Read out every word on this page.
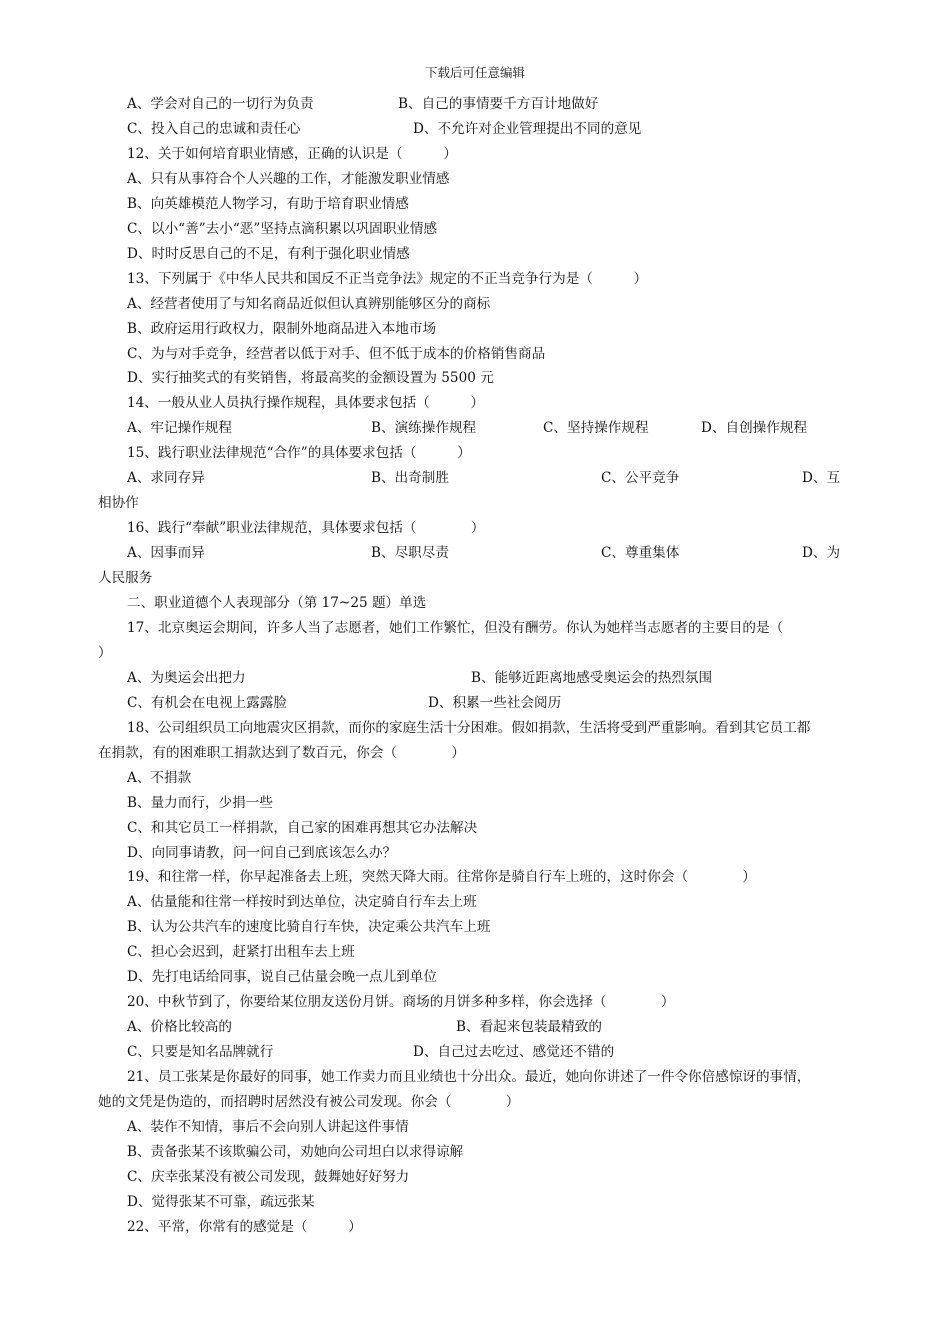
下载后可任意编辑
A、学会对自己的一切行为负责	B、自己的事情要千方百计地做好
C、投入自己的忠诚和责任心	D、不允许对企业管理提出不同的意见
12、关于如何培育职业情感，正确的认识是（　　　）
A、只有从事符合个人兴趣的工作，才能激发职业情感
B、向英雄模范人物学习，有助于培育职业情感
C、以小“善”去小“恶”坚持点滴积累以巩固职业情感
D、时时反思自己的不足，有利于强化职业情感
13、下列属于《中华人民共和国反不正当竞争法》规定的不正当竞争行为是（　　　）
A、经营者使用了与知名商品近似但认真辨别能够区分的商标
B、政府运用行政权力，限制外地商品进入本地市场
C、为与对手竞争，经营者以低于对手、但不低于成本的价格销售商品
D、实行抽奖式的有奖销售，将最高奖的金额设置为 5500 元
14、一般从业人员执行操作规程，具体要求包括（　　　）
A、牢记操作规程	B、演练操作规程	C、坚持操作规程	D、自创操作规程
15、践行职业法律规范“合作”的具体要求包括（　　　）
A、求同存异	B、出奇制胜	C、公平竞争	D、互
相协作
16、践行“奉献”职业法律规范，具体要求包括（　　　　）
A、因事而异	B、尽职尽责	C、尊重集体	D、为
人民服务
二、职业道德个人表现部分（第 17~25 题）单选
17、北京奥运会期间，许多人当了志愿者，她们工作繁忙，但没有酬劳。你认为她样当志愿者的主要目的是（
）
A、为奥运会出把力	B、能够近距离地感受奥运会的热烈氛围
C、有机会在电视上露露脸	D、积累一些社会阅历
18、公司组织员工向地震灾区捐款，而你的家庭生活十分困难。假如捐款，生活将受到严重影响。看到其它员工都
在捐款，有的困难职工捐款达到了数百元，你会（　　　　）
A、不捐款
B、量力而行，少捐一些
C、和其它员工一样捐款，自己家的困难再想其它办法解决
D、向同事请教，问一问自己到底该怎么办？
19、和往常一样，你早起准备去上班，突然天降大雨。往常你是骑自行车上班的，这时你会（　　　　）
A、估量能和往常一样按时到达单位，决定骑自行车去上班
B、认为公共汽车的速度比骑自行车快，决定乘公共汽车上班
C、担心会迟到，赶紧打出租车去上班
D、先打电话给同事，说自己估量会晚一点儿到单位
20、中秋节到了，你要给某位朋友送份月饼。商场的月饼多种多样，你会选择（　　　　）
A、价格比较高的	B、看起来包装最精致的
C、只要是知名品牌就行	D、自己过去吃过、感觉还不错的
21、员工张某是你最好的同事，她工作卖力而且业绩也十分出众。最近，她向你讲述了一件令你倍感惊讶的事情，
她的文凭是伪造的，而招聘时居然没有被公司发现。你会（　　　　）
A、装作不知情，事后不会向别人讲起这件事情
B、责备张某不该欺骗公司，劝她向公司坦白以求得谅解
C、庆幸张某没有被公司发现，鼓舞她好好努力
D、觉得张某不可靠，疏远张某
22、平常，你常有的感觉是（　　　）
